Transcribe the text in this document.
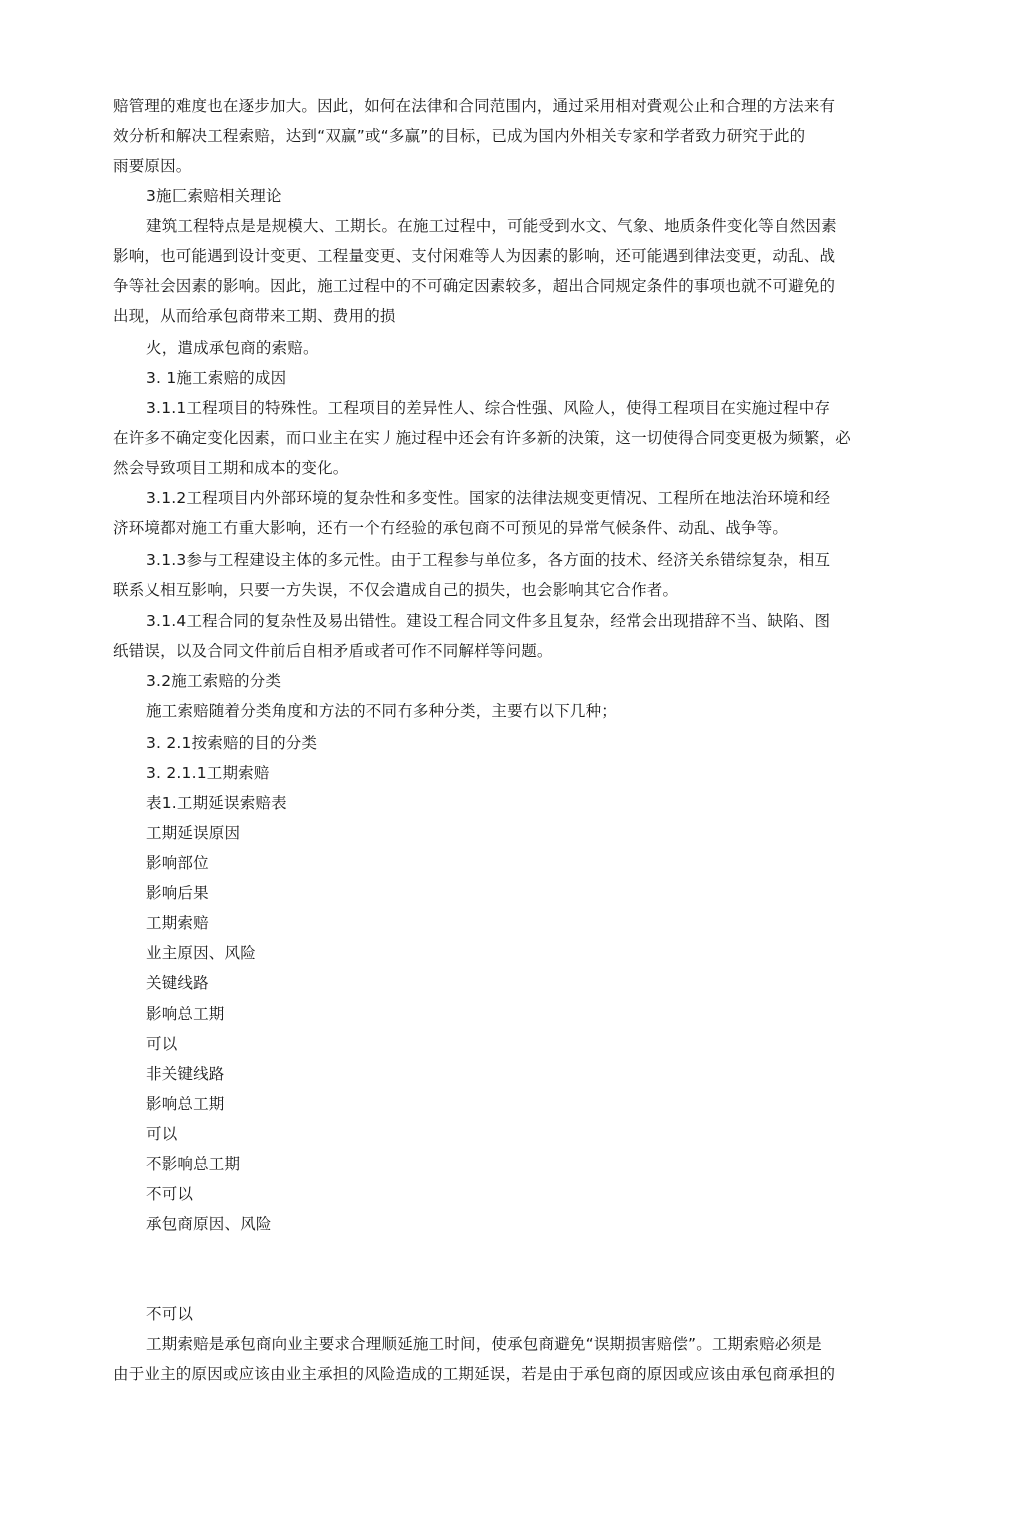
赔管理的难度也在逐步加大。因此，如何在法律和合同范围内，通过采用相对賫观公止和合理的方法来有
效分析和解决工程索赔，达到“双赢”或“多赢”的目标，已成为国内外相关专家和学者致力研究于此的
雨要原因。
3施匚索赔相关理论
建筑工程特点是是规模大、工期长。在施工过程中，可能受到水文、气象、地质条件变化等自然因素
影响，也可能遇到设计变更、工程量变更、支付闲难等人为因素的影响，还可能遇到律法变更，动乱、战
争等社会因素的影响。因此，施工过程中的不可确定因素较多，超出合同规定条件的事项也就不可避免的
出现，从而给承包商带来工期、费用的损
火，遣成承包商的索赔。
3. 1施工索赔的成因
3.1.1工程项目的特殊性。工程项目的差异性人、综合性强、风险人，使得工程项目在实施过程中存
在许多不确定变化因素，而口业主在实丿施过程中还会有许多新的決策，这一切使得合同变更极为频繁，必
然会导致项目工期和成本的变化。
3.1.2工程项目内外部环境的复杂性和多变性。国家的法律法规变更情况、工程所在地法治环境和经
济环境都对施工冇重大影响，还冇一个冇经验的承包商不可预见的异常气候条件、动乱、战争等。
3.1.3参与工程建设主体的多元性。由于工程参与单位多，各方面的技术、经济关糸错综复杂，相互
联系乂相互影响，只要一方失误，不仅会遣成自己的损失，也会影响其它合作者。
3.1.4工程合同的复杂性及易出错性。建设工程合同文件多且复杂，经常会出现措辞不当、缺陷、图
纸错误，以及合同文件前后自相矛盾或者可作不同解样等问题。
3.2施工索赔的分类
施工索赔随着分类角度和方法的不同冇多种分类，主要冇以下几种；
3. 2.1按索赔的目的分类
3. 2.1.1工期索赔
表1.工期延误索赔表
工期延误原因
影响部位
影响后果
工期索赔
业主原因、风险
关键线路
影响总工期
可以
非关键线路
影响总工期
可以
不影响总工期
不可以
承包商原因、风险
不可以
工期索赔是承包商向业主要求合理顺延施工时间，使承包商避免“误期损害赔偿”。工期索赔必须是
由于业主的原因或应该由业主承担的风险造成的工期延误，若是由于承包商的原因或应该由承包商承担的
